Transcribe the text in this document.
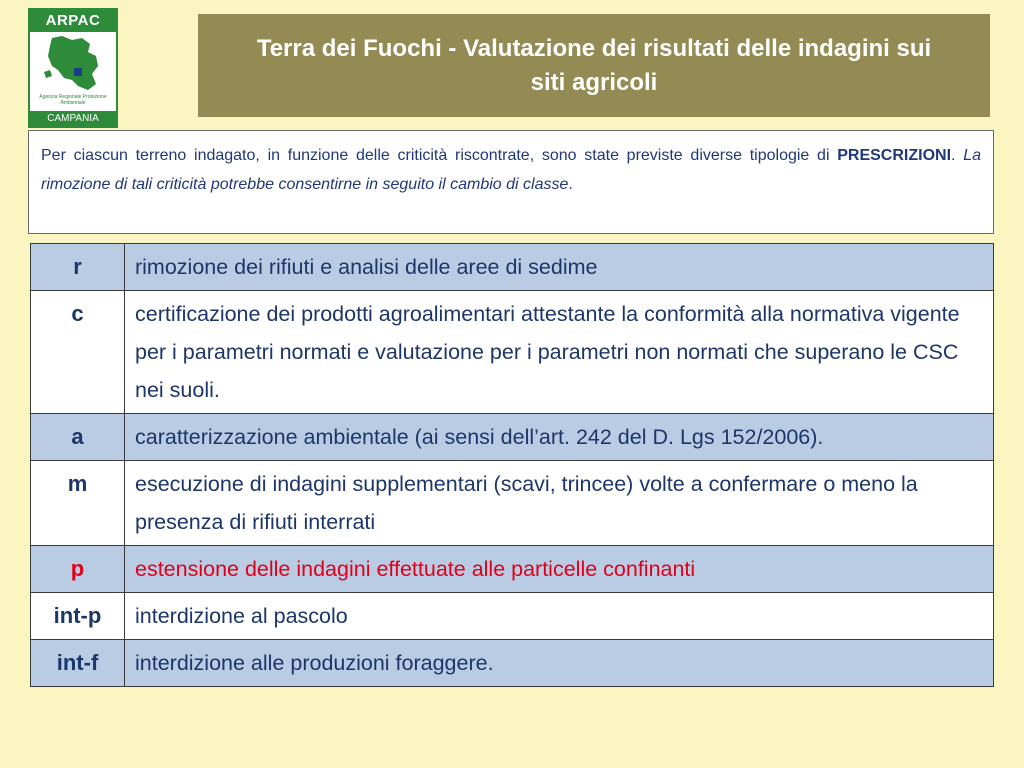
ARPAC
Agenzia Regionale Protezione Ambientale
CAMPANIA
Terra dei Fuochi - Valutazione dei risultati delle indagini sui siti agricoli
Per ciascun terreno indagato, in funzione delle criticità riscontrate, sono state previste diverse tipologie di PRESCRIZIONI. La rimozione di tali criticità potrebbe consentirne in seguito il cambio di classe.
r	rimozione dei rifiuti e analisi delle aree di sedime
c	certificazione dei prodotti agroalimentari attestante la conformità alla normativa vigente per i parametri normati e valutazione per i parametri non normati che superano le CSC nei suoli.
a	caratterizzazione ambientale (ai sensi dell’art. 242 del D. Lgs 152/2006).
m	esecuzione di indagini supplementari (scavi, trincee) volte a confermare o meno la presenza di rifiuti interrati
p	estensione delle indagini effettuate alle particelle confinanti
int-p	interdizione al pascolo
int-f	interdizione alle produzioni foraggere.
